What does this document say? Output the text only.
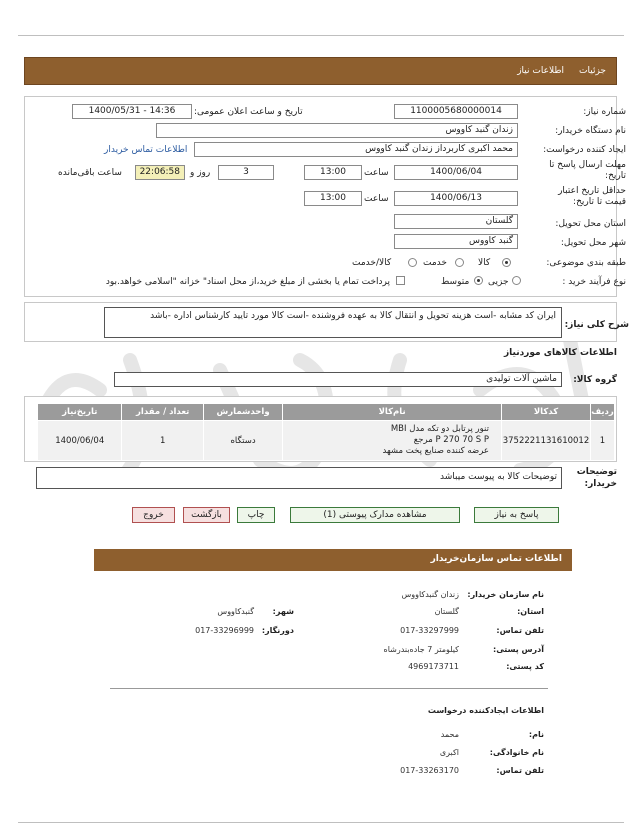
جزئیات
اطلاعات نیاز
شماره نیاز:
1100005680000014
تاریخ و ساعت اعلان عمومی:
1400/05/31 - 14:36
نام دستگاه خریدار:
زندان گنبد کاووس
ایجاد کننده درخواست:
محمد اکبری کاربرداز زندان گنبد کاووس
اطلاعات تماس خریدار
مهلت ارسال پاسخ تا تاریخ:
1400/06/04
ساعت
13:00
3
روز و
22:06:58
ساعت باقی‌مانده
حداقل تاریخ اعتبار قیمت تا تاریخ:
1400/06/13
ساعت
13:00
استان محل تحویل:
گلستان
شهر محل تحویل:
گنبد کاووس
طبقه بندی موضوعی:
کالا
خدمت
کالا/خدمت
نوع فرآیند خرید :
جزیی
متوسط
پرداخت تمام یا بخشی از مبلغ خرید،از محل اسناد" خزانه "اسلامی خواهد.بود
شرح کلی نیاز:
ایران کد مشابه -است هزینه تحویل و انتقال کالا به عهده فروشنده -است کالا مورد تایید کارشناس اداره -باشد
اطلاعات کالاهای موردنیاز
گروه کالا:
ماشین آلات تولیدی
ردیف	کدکالا	نام‌کالا	واحدشمارش	تعداد / مقدار	تاریخ‌نیاز
1	3752221131610012	تنور پرتابل دو تکه مدل MBI
P 270 70 S P مرجع
عرضه کننده صنایع پخت مشهد	دستگاه	1	1400/06/04
توضیحات خریدار:
توضیحات کالا به پیوست میباشد
پاسخ به نیاز
مشاهده مدارک پیوستی (1)
چاپ
بازگشت
خروج
اطلاعات تماس سازمان‌خریدار
نام سازمان خریدار:
زندان گنبدکاووس
استان:
گلستان
شهر:
گنبدکاووس
تلفن تماس:
017-33297999
دورنگار:
017-33296999
آدرس پستی:
کیلومتر 7 جاده‌بندرشاه
کد پستی:
4969173711
اطلاعات ایجادکننده درخواست
نام:
محمد
نام خانوادگی:
اکبری
تلفن تماس:
017-33263170
